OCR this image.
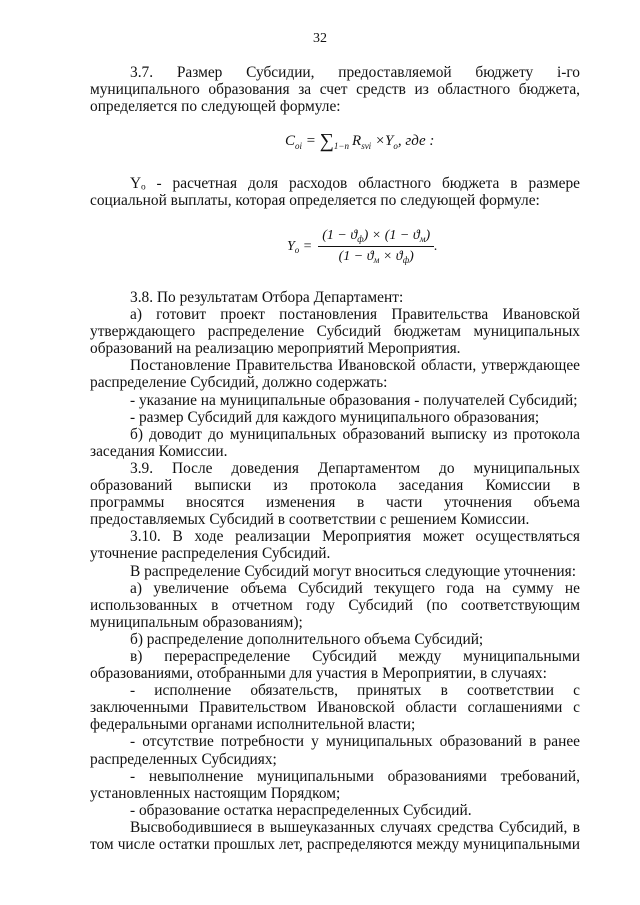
32
3.7. Размер Субсидии, предоставляемой бюджету i-го
муниципального образования за счет средств из областного бюджета,
определяется по следующей формуле:
$C_{oi} = \sum_{1-n}$  $R_{svi} \times Y_o$, где :
Yₒ - расчетная доля расходов областного бюджета в размере
социальной выплаты, которая определяется по следующей формуле:
$Y_o = \frac{(1 - ϑ_ф) \times (1 - ϑ_м)}{(1 - ϑ_м \times ϑ_ф)}$ .
3.8. По результатам Отбора Департамент:
а) готовит проект постановления Правительства Ивановской
утверждающего распределение Субсидий бюджетам муниципальных
образований на реализацию мероприятий Мероприятия.
Постановление Правительства Ивановской области, утверждающее
распределение Субсидий, должно содержать:
- указание на муниципальные образования - получателей Субсидий;
- размер Субсидий для каждого муниципального образования;
б) доводит до муниципальных образований выписку из протокола
заседания Комиссии.
3.9. После доведения Департаментом до муниципальных
образований выписки из протокола заседания Комиссии в
программы вносятся изменения в части уточнения объема
предоставляемых Субсидий в соответствии с решением Комиссии.
3.10. В ходе реализации Мероприятия может осуществляться
уточнение распределения Субсидий.
В распределение Субсидий могут вноситься следующие уточнения:
а) увеличение объема Субсидий текущего года на сумму не
использованных в отчетном году Субсидий (по соответствующим
муниципальным образованиям);
б) распределение дополнительного объема Субсидий;
в) перераспределение Субсидий между муниципальными
образованиями, отобранными для участия в Мероприятии, в случаях:
- исполнение обязательств, принятых в соответствии с
заключенными Правительством Ивановской области соглашениями с
федеральными органами исполнительной власти;
- отсутствие потребности у муниципальных образований в ранее
распределенных Субсидиях;
- невыполнение муниципальными образованиями требований,
установленных настоящим Порядком;
- образование остатка нераспределенных Субсидий.
Высвободившиеся в вышеуказанных случаях средства Субсидий, в
том числе остатки прошлых лет, распределяются между муниципальными
